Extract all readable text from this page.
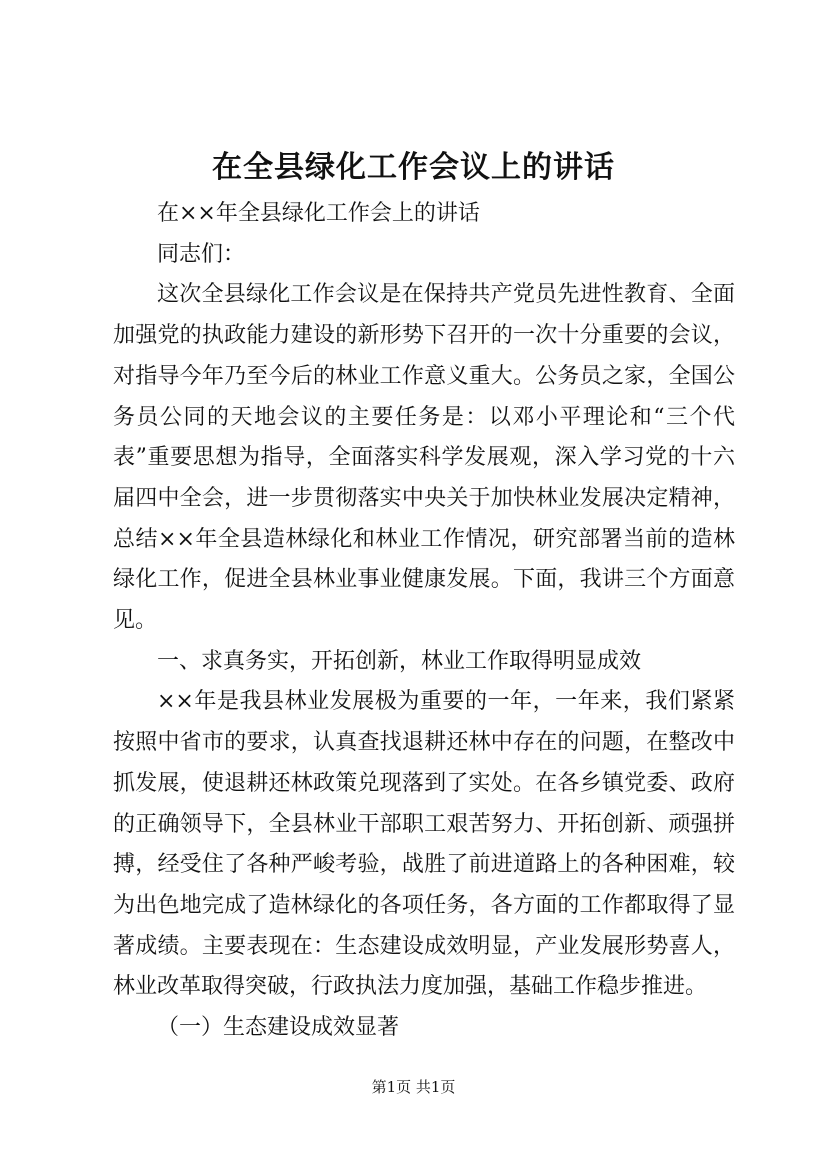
在全县绿化工作会议上的讲话

在××年全县绿化工作会上的讲话

同志们：

这次全县绿化工作会议是在保持共产党员先进性教育、全面加强党的执政能力建设的新形势下召开的一次十分重要的会议，对指导今年乃至今后的林业工作意义重大。公务员之家，全国公务员公同的天地会议的主要任务是：以邓小平理论和“三个代表”重要思想为指导，全面落实科学发展观，深入学习党的十六届四中全会，进一步贯彻落实中央关于加快林业发展决定精神，总结××年全县造林绿化和林业工作情况，研究部署当前的造林绿化工作，促进全县林业事业健康发展。下面，我讲三个方面意见。

一、求真务实，开拓创新，林业工作取得明显成效

××年是我县林业发展极为重要的一年，一年来，我们紧紧按照中省市的要求，认真查找退耕还林中存在的问题，在整改中抓发展，使退耕还林政策兑现落到了实处。在各乡镇党委、政府的正确领导下，全县林业干部职工艰苦努力、开拓创新、顽强拼搏，经受住了各种严峻考验，战胜了前进道路上的各种困难，较为出色地完成了造林绿化的各项任务，各方面的工作都取得了显著成绩。主要表现在：生态建设成效明显，产业发展形势喜人，林业改革取得突破，行政执法力度加强，基础工作稳步推进。

（一）生态建设成效显著

第1页 共1页
